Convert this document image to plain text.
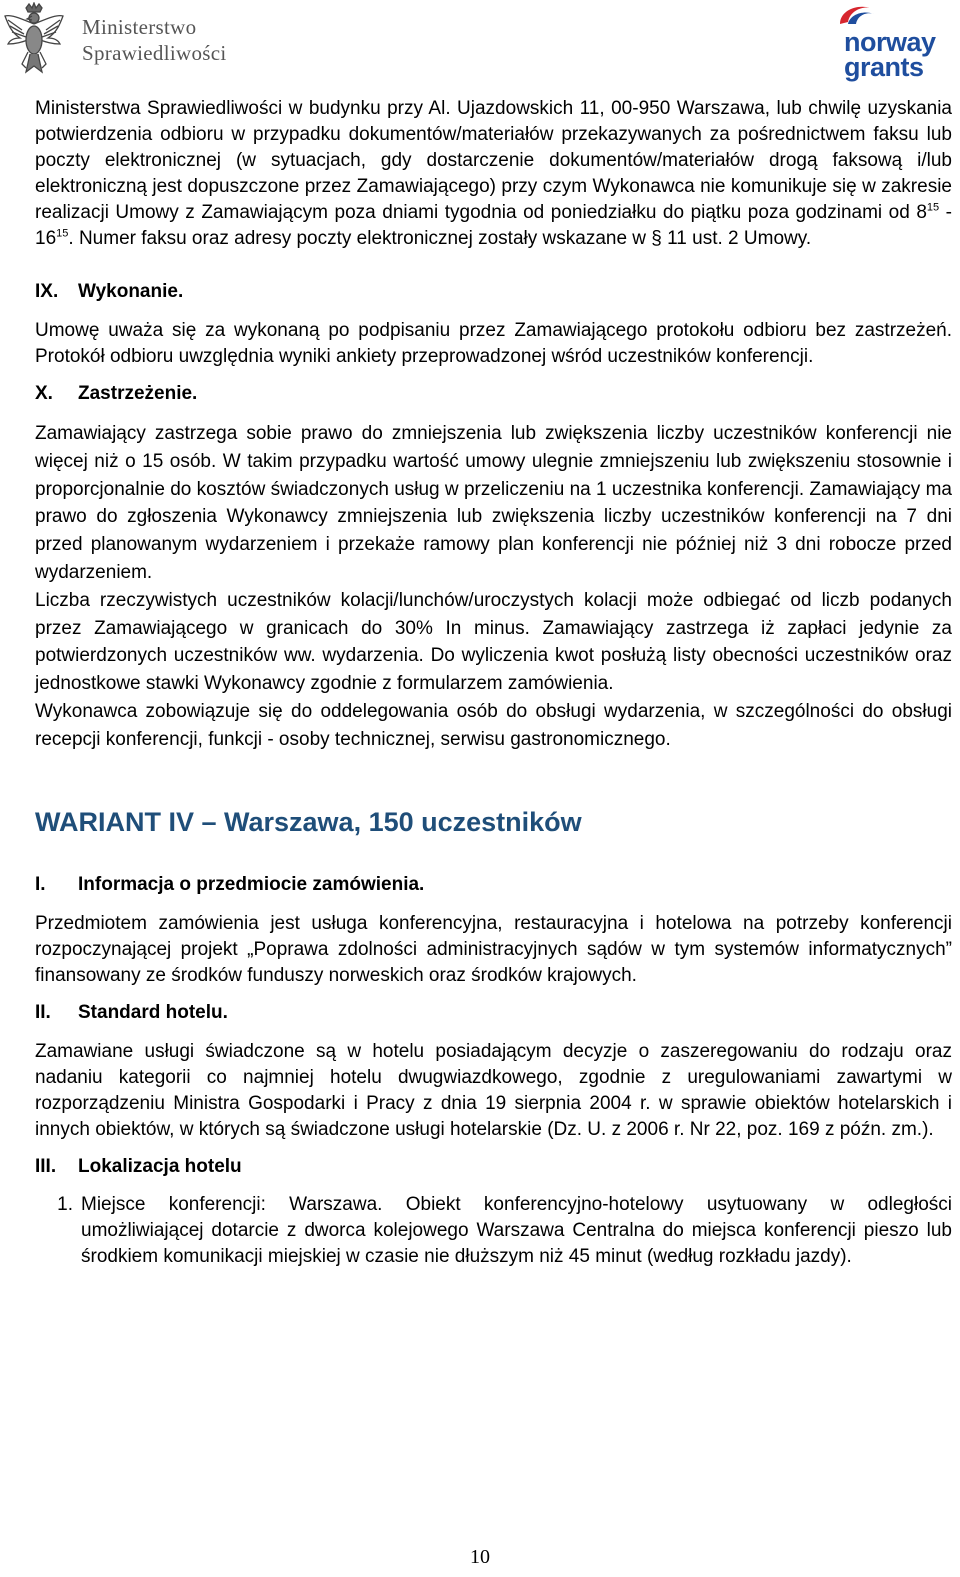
Ministerstwo
Sprawiedliwości	norway
grants

Ministerstwa Sprawiedliwości w budynku przy Al. Ujazdowskich 11, 00-950 Warszawa, lub chwilę uzyskania potwierdzenia odbioru w przypadku dokumentów/materiałów przekazywanych za pośrednictwem faksu lub poczty elektronicznej (w sytuacjach, gdy dostarczenie dokumentów/materiałów drogą faksową i/lub elektroniczną jest dopuszczone przez Zamawiającego) przy czym Wykonawca nie komunikuje się w zakresie realizacji Umowy z Zamawiającym poza dniami tygodnia od poniedziałku do piątku poza godzinami od $8^{15} - 16^{15}$. Numer faksu oraz adresy poczty elektronicznej zostały wskazane w § 11 ust. 2 Umowy.

IX.	Wykonanie.

Umowę uważa się za wykonaną po podpisaniu przez Zamawiającego protokołu odbioru bez zastrzeżeń. Protokół odbioru uwzględnia wyniki ankiety przeprowadzonej wśród uczestników konferencji.

X.	Zastrzeżenie.

Zamawiający zastrzega sobie prawo do zmniejszenia lub zwiększenia liczby uczestników konferencji nie więcej niż o 15 osób. W takim przypadku wartość umowy ulegnie zmniejszeniu lub zwiększeniu stosownie i proporcjonalnie do kosztów świadczonych usług w przeliczeniu na 1 uczestnika konferencji. Zamawiający ma prawo do zgłoszenia Wykonawcy zmniejszenia lub zwiększenia liczby uczestników konferencji na 7 dni przed planowanym wydarzeniem i przekaże ramowy plan konferencji nie później niż 3 dni robocze przed wydarzeniem.

Liczba rzeczywistych uczestników kolacji/lunchów/uroczystych kolacji może odbiegać od liczb podanych przez Zamawiającego w granicach do 30% In minus. Zamawiający zastrzega iż zapłaci jedynie za potwierdzonych uczestników ww. wydarzenia. Do wyliczenia kwot posłużą listy obecności uczestników oraz jednostkowe stawki Wykonawcy zgodnie z formularzem zamówienia.

Wykonawca zobowiązuje się do oddelegowania osób do obsługi wydarzenia, w szczególności do obsługi recepcji konferencji, funkcji - osoby technicznej, serwisu gastronomicznego.

WARIANT IV – Warszawa, 150 uczestników
I.	Informacja o przedmiocie zamówienia.

Przedmiotem zamówienia jest usługa konferencyjna, restauracyjna i hotelowa na potrzeby konferencji rozpoczynającej projekt „Poprawa zdolności administracyjnych sądów w tym systemów informatycznych” finansowany ze środków funduszy norweskich oraz środków krajowych.

II.	Standard hotelu.

Zamawiane usługi świadczone są w hotelu posiadającym decyzje o zaszeregowaniu do rodzaju oraz nadaniu kategorii co najmniej hotelu dwugwiazdkowego, zgodnie z uregulowaniami zawartymi w rozporządzeniu Ministra Gospodarki i Pracy z dnia 19 sierpnia 2004 r. w sprawie obiektów hotelarskich i innych obiektów, w których są świadczone usługi hotelarskie (Dz. U. z 2006 r. Nr 22, poz. 169 z późn. zm.).

III.	Lokalizacja hotelu
1. Miejsce konferencji: Warszawa. Obiekt konferencyjno-hotelowy usytuowany w odległości umożliwiającej dotarcie z dworca kolejowego Warszawa Centralna do miejsca konferencji pieszo lub środkiem komunikacji miejskiej w czasie nie dłuższym niż 45 minut (według rozkładu jazdy).

10
